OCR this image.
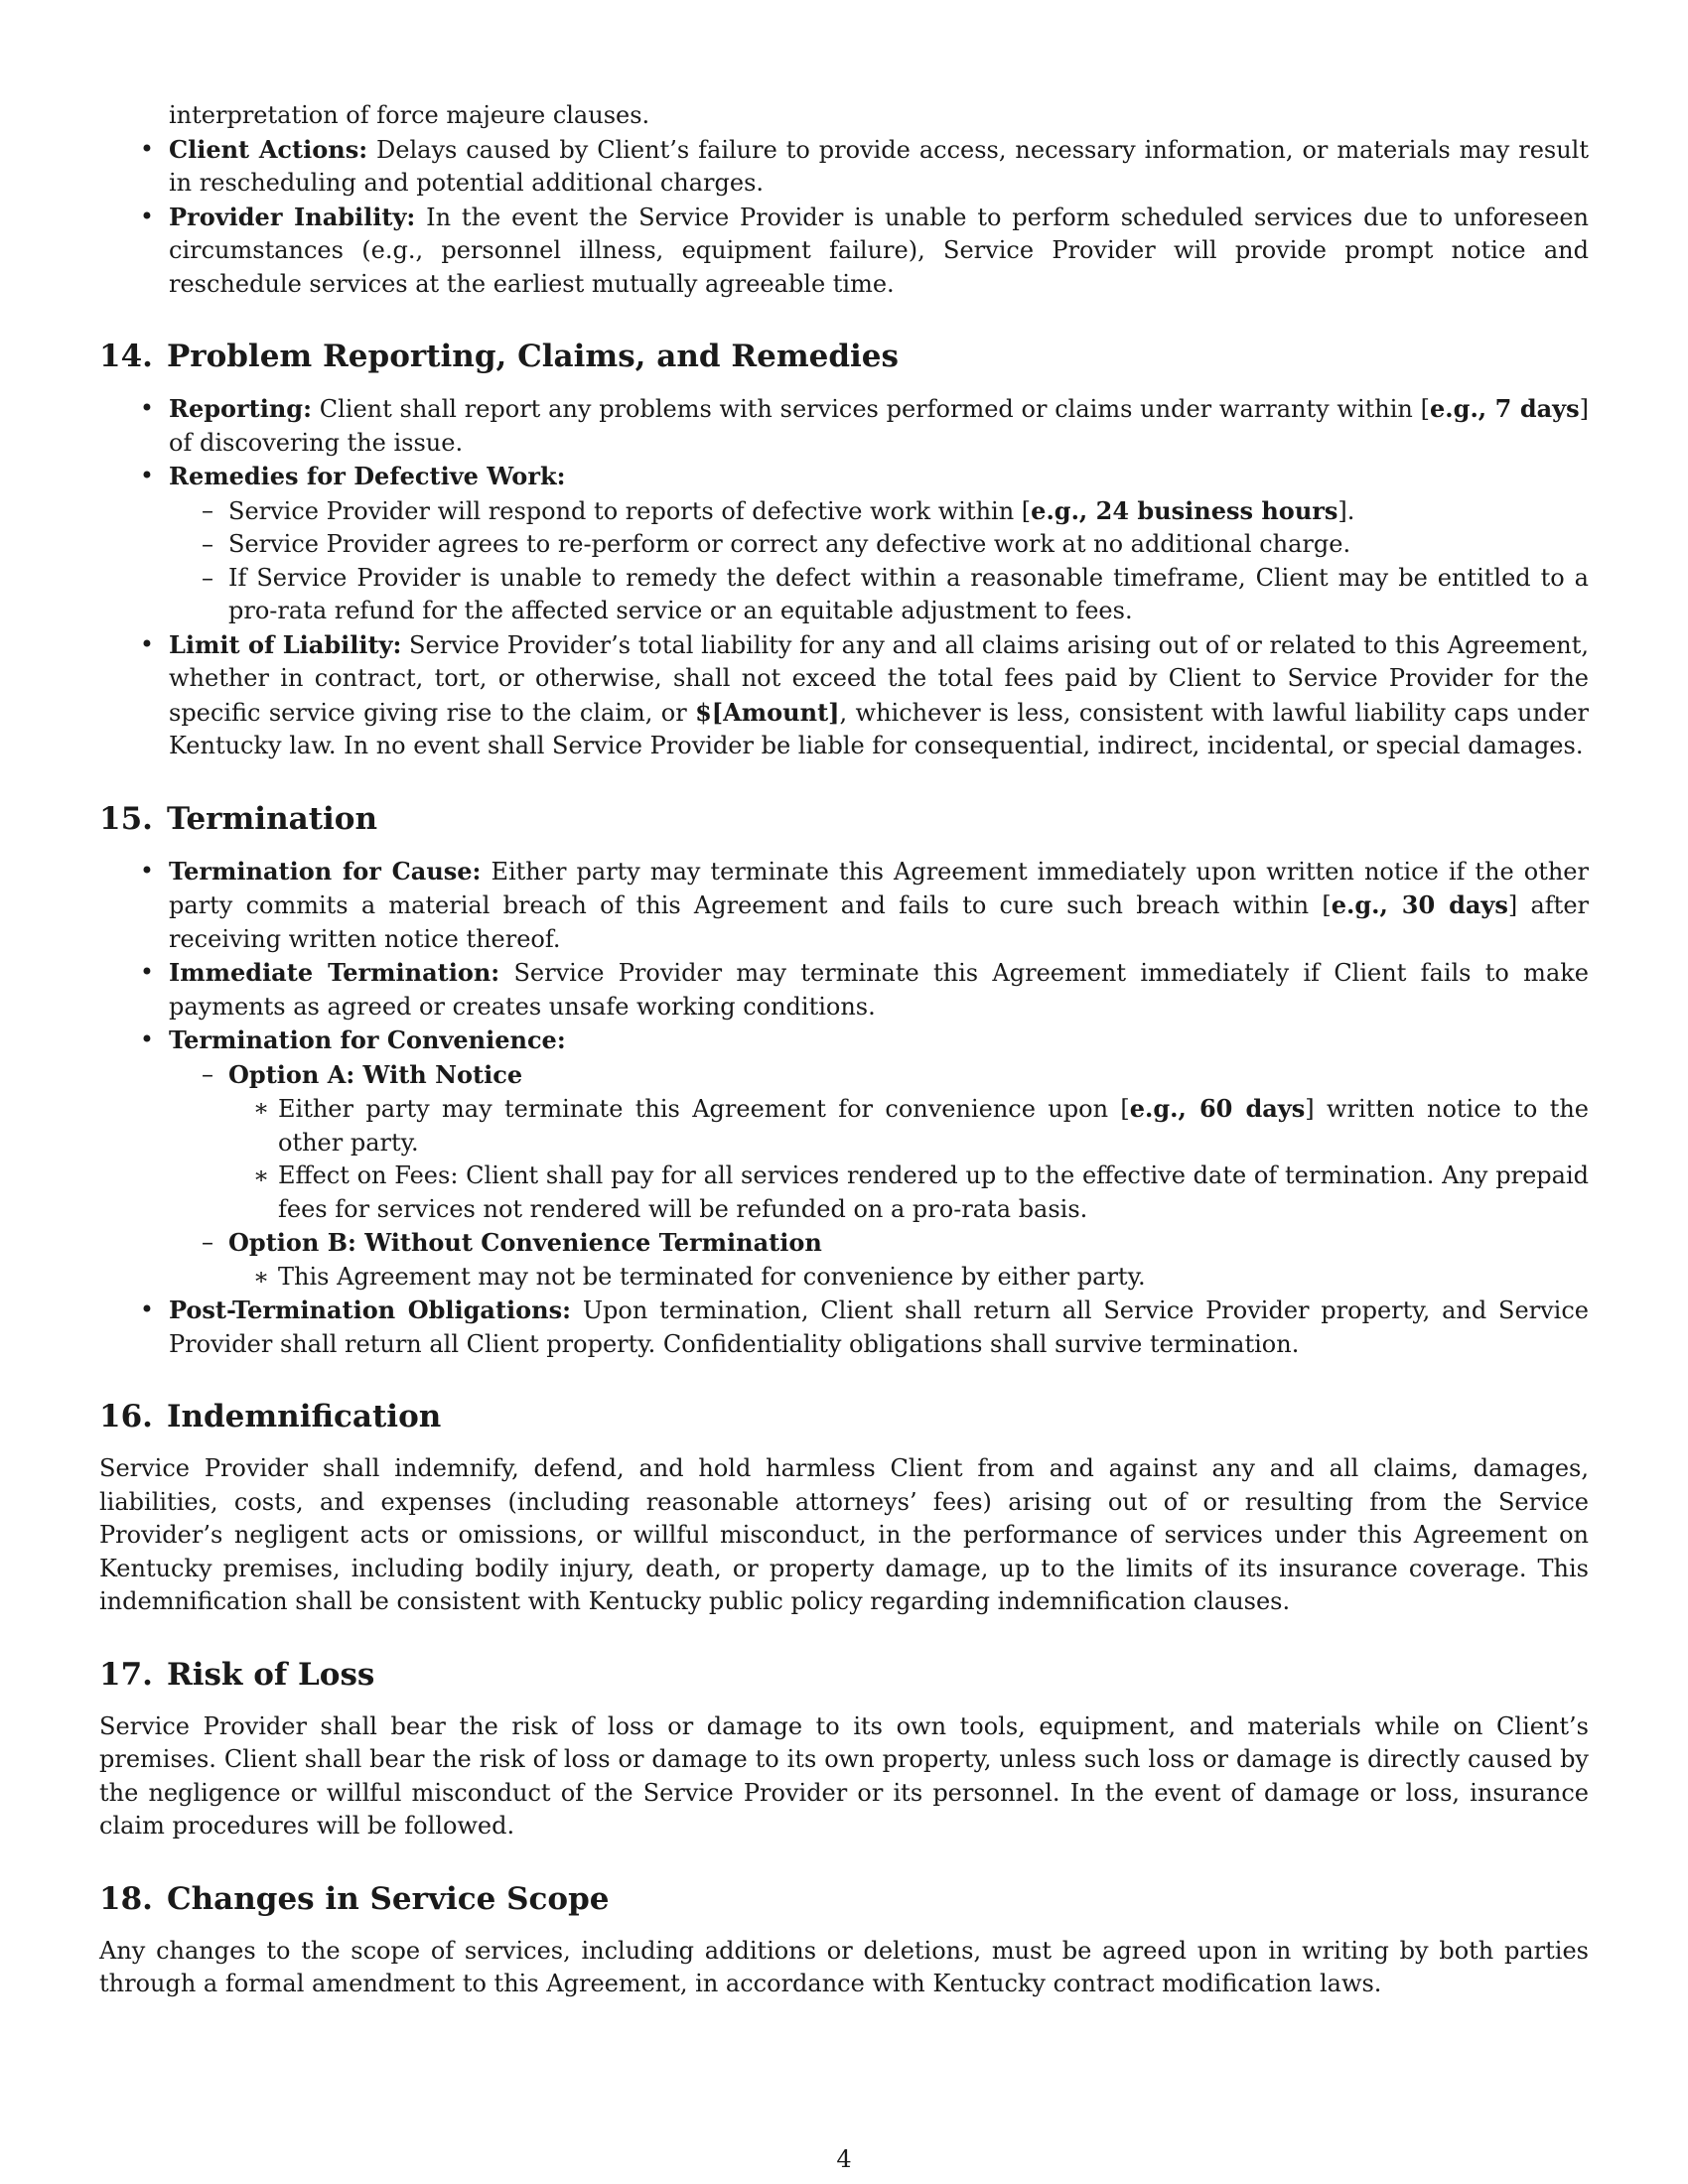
interpretation of force majeure clauses.

• Client Actions: Delays caused by Client’s failure to provide access, necessary information, or materials may result in rescheduling and potential additional charges.
• Provider Inability: In the event the Service Provider is unable to perform scheduled services due to unforeseen circumstances (e.g., personnel illness, equipment failure), Service Provider will provide prompt notice and reschedule services at the earliest mutually agreeable time.
14. Problem Reporting, Claims, and Remedies
• Reporting: Client shall report any problems with services performed or claims under warranty within [e.g., 7 days] of discovering the issue.
• Remedies for Defective Work:
– Service Provider will respond to reports of defective work within [e.g., 24 business hours].
– Service Provider agrees to re-perform or correct any defective work at no additional charge.
– If Service Provider is unable to remedy the defect within a reasonable timeframe, Client may be entitled to a pro-rata refund for the affected service or an equitable adjustment to fees.
• Limit of Liability: Service Provider’s total liability for any and all claims arising out of or related to this Agreement, whether in contract, tort, or otherwise, shall not exceed the total fees paid by Client to Service Provider for the specific service giving rise to the claim, or $[Amount], whichever is less, consistent with lawful liability caps under Kentucky law. In no event shall Service Provider be liable for consequential, indirect, incidental, or special damages.
15. Termination
• Termination for Cause: Either party may terminate this Agreement immediately upon written notice if the other party commits a material breach of this Agreement and fails to cure such breach within [e.g., 30 days] after receiving written notice thereof.
• Immediate Termination: Service Provider may terminate this Agreement immediately if Client fails to make payments as agreed or creates unsafe working conditions.
• Termination for Convenience:
– Option A: With Notice
∗ Either party may terminate this Agreement for convenience upon [e.g., 60 days] written notice to the other party.
∗ Effect on Fees: Client shall pay for all services rendered up to the effective date of termination. Any prepaid fees for services not rendered will be refunded on a pro-rata basis.
– Option B: Without Convenience Termination
∗ This Agreement may not be terminated for convenience by either party.
• Post-Termination Obligations: Upon termination, Client shall return all Service Provider property, and Service Provider shall return all Client property. Confidentiality obligations shall survive termination.
16. Indemnification

Service Provider shall indemnify, defend, and hold harmless Client from and against any and all claims, damages, liabilities, costs, and expenses (including reasonable attorneys’ fees) arising out of or resulting from the Service Provider’s negligent acts or omissions, or willful misconduct, in the performance of services under this Agreement on Kentucky premises, including bodily injury, death, or property damage, up to the limits of its insurance coverage. This indemnification shall be consistent with Kentucky public policy regarding indemnification clauses.

17. Risk of Loss

Service Provider shall bear the risk of loss or damage to its own tools, equipment, and materials while on Client’s premises. Client shall bear the risk of loss or damage to its own property, unless such loss or damage is directly caused by the negligence or willful misconduct of the Service Provider or its personnel. In the event of damage or loss, insurance claim procedures will be followed.

18. Changes in Service Scope

Any changes to the scope of services, including additions or deletions, must be agreed upon in writing by both parties through a formal amendment to this Agreement, in accordance with Kentucky contract modification laws.

4
